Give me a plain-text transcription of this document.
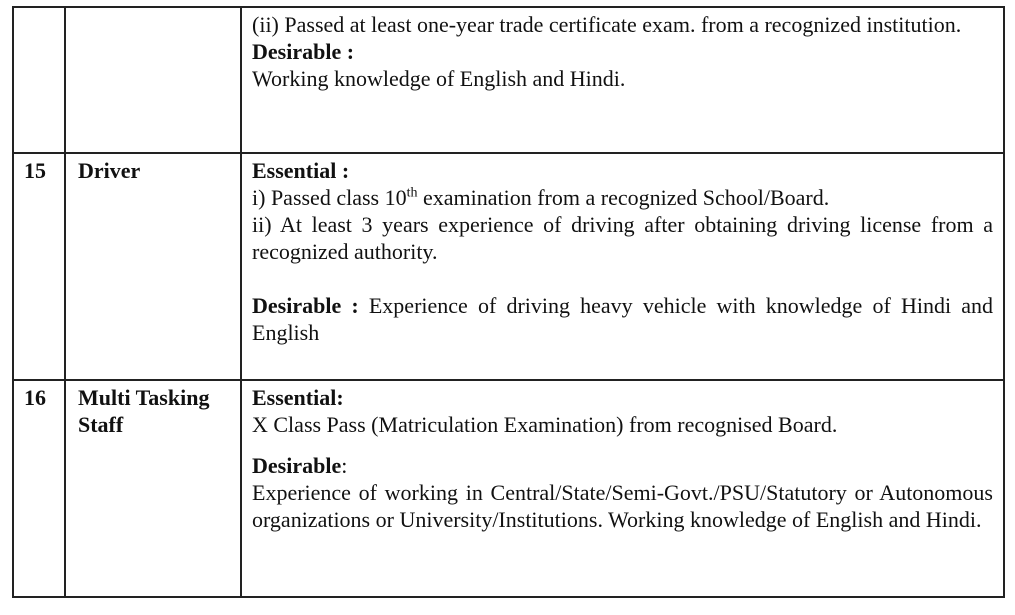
		(ii) Passed at least one-year trade certificate exam. from a recognized institution.
Desirable :
Working knowledge of English and Hindi.

15	Driver	Essential :
i) Passed class 10th examination from a recognized School/Board.
ii) At least 3 years experience of driving after obtaining driving license from a recognized authority.
Desirable : Experience of driving heavy vehicle with knowledge of Hindi and English

16	Multi Tasking Staff	Essential:
X Class Pass (Matriculation Examination) from recognised Board.
Desirable:
Experience of working in Central/State/Semi-Govt./PSU/Statutory or Autonomous organizations or University/Institutions. Working knowledge of English and Hindi.
